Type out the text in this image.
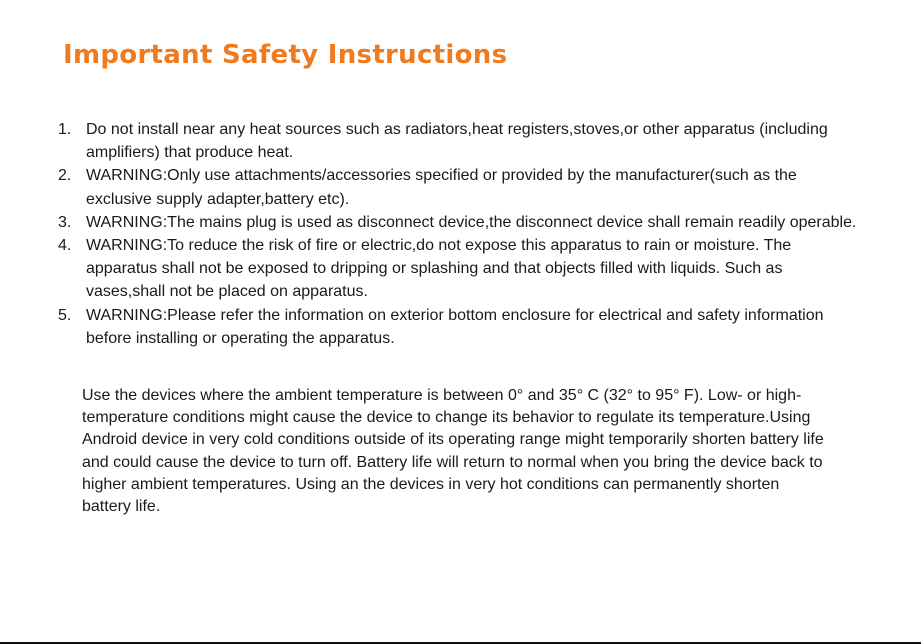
Important Safety Instructions
1. Do not install near any heat sources such as radiators,heat registers,stoves,or other apparatus (including amplifiers) that produce heat.
2. WARNING:Only use attachments/accessories specified or provided by the manufacturer(such as the exclusive supply adapter,battery etc).
3. WARNING:The mains plug is used as disconnect device,the disconnect device shall remain readily operable.
4. WARNING:To reduce the risk of fire or electric,do not expose this apparatus to rain or moisture. The apparatus shall not be exposed to dripping or splashing and that objects filled with liquids. Such as vases,shall not be placed on apparatus.
5. WARNING:Please refer the information on exterior bottom enclosure for electrical and safety information before installing or operating the apparatus.

Use the devices where the ambient temperature is between 0° and 35° C (32° to 95° F). Low- or high-temperature conditions might cause the device to change its behavior to regulate its temperature.Using Android device in very cold conditions outside of its operating range might temporarily shorten battery life and could cause the device to turn off. Battery life will return to normal when you bring the device back to higher ambient temperatures. Using an the devices in very hot conditions can permanently shorten battery life.
